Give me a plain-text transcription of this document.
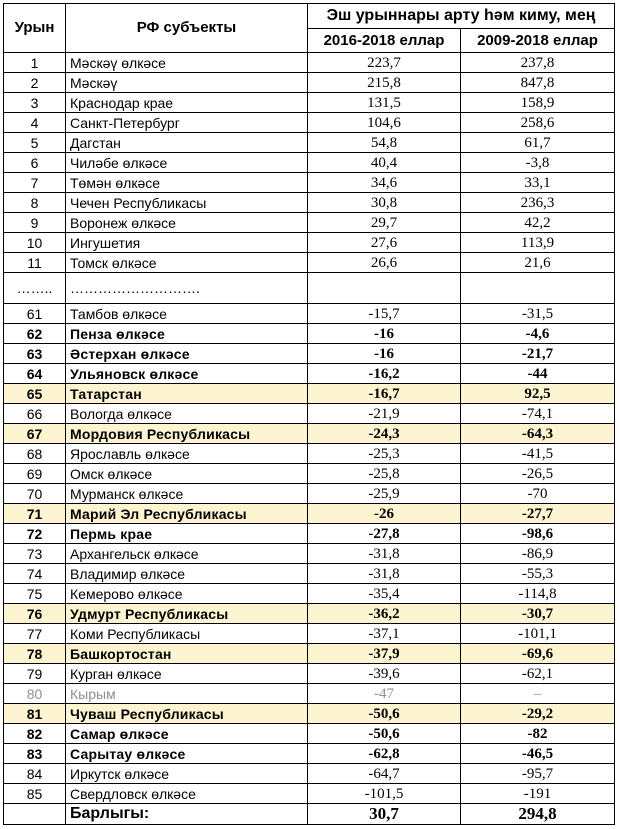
Урын	РФ субъекты	Эш урыннары арту һәм киму, мең	
		2016-2018 еллар	2009-2018 еллар
1	Мәскәү өлкәсе	223,7	237,8
2	Мәскәү	215,8	847,8
3	Краснодар крае	131,5	158,9
4	Санкт-Петербург	104,6	258,6
5	Дагстан	54,8	61,7
6	Чиләбе өлкәсе	40,4	-3,8
7	Төмән өлкәсе	34,6	33,1
8	Чечен Республикасы	30,8	236,3
9	Воронеж өлкәсе	29,7	42,2
10	Ингушетия	27,6	113,9
11	Томск өлкәсе	26,6	21,6
……..	……………………….		
61	Тамбов өлкәсе	-15,7	-31,5
62	Пенза өлкәсе	-16	-4,6
63	Әстерхан өлкәсе	-16	-21,7
64	Ульяновск өлкәсе	-16,2	-44
65	Татарстан	-16,7	92,5
66	Вологда өлкәсе	-21,9	-74,1
67	Мордовия Республикасы	-24,3	-64,3
68	Ярославль өлкәсе	-25,3	-41,5
69	Омск өлкәсе	-25,8	-26,5
70	Мурманск өлкәсе	-25,9	-70
71	Марий Эл Республикасы	-26	-27,7
72	Пермь крае	-27,8	-98,6
73	Архангельск өлкәсе	-31,8	-86,9
74	Владимир өлкәсе	-31,8	-55,3
75	Кемерово өлкәсе	-35,4	-114,8
76	Удмурт Республикасы	-36,2	-30,7
77	Коми Республикасы	-37,1	-101,1
78	Башкортостан	-37,9	-69,6
79	Курган өлкәсе	-39,6	-62,1
80	Кырым	-47	–
81	Чуваш Республикасы	-50,6	-29,2
82	Самар өлкәсе	-50,6	-82
83	Сарытау өлкәсе	-62,8	-46,5
84	Иркутск өлкәсе	-64,7	-95,7
85	Свердловск өлкәсе	-101,5	-191
	Барлыгы:	30,7	294,8
